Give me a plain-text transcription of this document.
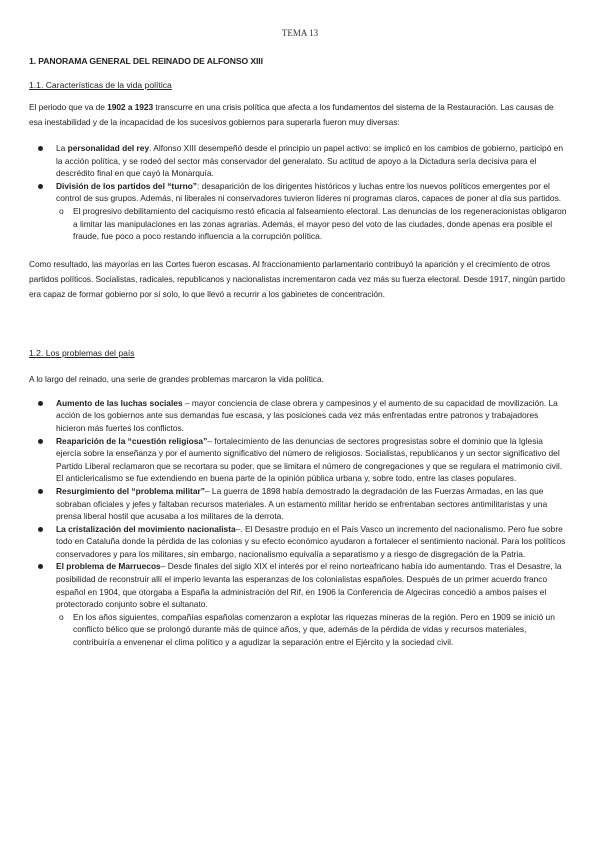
TEMA 13
1. PANORAMA GENERAL DEL REINADO DE ALFONSO XIII
1.1. Características de la vida política

El periodo que va de 1902 a 1923 transcurre en una crisis política que afecta a los fundamentos del sistema de la Restauración. Las causas de esa inestabilidad y de la incapacidad de los sucesivos gobiernos para superarla fueron muy diversas:

La personalidad del rey. Alfonso XIII desempeñó desde el principio un papel activo: se implicó en los cambios de gobierno, participó en la acción política, y se rodeó del sector más conservador del generalato. Su actitud de apoyo a la Dictadura sería decisiva para el descrédito final en que cayó la Monarquía.
División de los partidos del “turno”: desaparición de los dirigentes históricos y luchas entre los nuevos políticos emergentes por el control de sus grupos. Además, ni liberales ni conservadores tuvieron líderes ni programas claros, capaces de poner al día sus partidos.
o El progresivo debilitamiento del caciquismo restó eficacia al falseamiento electoral. Las denuncias de los regeneracionistas obligaron a limitar las manipulaciones en las zonas agrarias. Además, el mayor peso del voto de las ciudades, donde apenas era posible el fraude, fue poco a poco restando influencia a la corrupción política.

Como resultado, las mayorías en las Cortes fueron escasas. Al fraccionamiento parlamentario contribuyó la aparición y el crecimiento de otros partidos políticos. Socialistas, radicales, republicanos y nacionalistas incrementaron cada vez más su fuerza electoral. Desde 1917, ningún partido era capaz de formar gobierno por sí solo, lo que llevó a recurrir a los gabinetes de concentración.

1.2. Los problemas del país

A lo largo del reinado, una serie de grandes problemas marcaron la vida política.

Aumento de las luchas sociales – mayor conciencia de clase obrera y campesinos y el aumento de su capacidad de movilización. La acción de los gobiernos ante sus demandas fue escasa, y las posiciones cada vez más enfrentadas entre patronos y trabajadores hicieron más fuertes los conflictos.
Reaparición de la “cuestión religiosa”– fortalecimiento de las denuncias de sectores progresistas sobre el dominio que la Iglesia ejercía sobre la enseñanza y por el aumento significativo del número de religiosos. Socialistas, republicanos y un sector significativo del Partido Liberal reclamaron que se recortara su poder, que se limitara el número de congregaciones y que se regulara el matrimonio civil. El anticlericalismo se fue extendiendo en buena parte de la opinión pública urbana y, sobre todo, entre las clases populares.
Resurgimiento del “problema militar”– La guerra de 1898 había demostrado la degradación de las Fuerzas Armadas, en las que sobraban oficiales y jefes y faltaban recursos materiales. A un estamento militar herido se enfrentaban sectores antimilitaristas y una prensa liberal hostil que acusaba a los militares de la derrota.
La cristalización del movimiento nacionalista–. El Desastre produjo en el País Vasco un incremento del nacionalismo. Pero fue sobre todo en Cataluña donde la pérdida de las colonias y su efecto económico ayudaron a fortalecer el sentimiento nacional. Para los políticos conservadores y para los militares, sin embargo, nacionalismo equivalía a separatismo y a riesgo de disgregación de la Patria.
El problema de Marruecos– Desde finales del siglo XIX el interés por el reino norteafricano había ido aumentando. Tras el Desastre, la posibilidad de reconstruir allí el imperio levanta las esperanzas de los colonialistas españoles. Después de un primer acuerdo franco español en 1904, que otorgaba a España la administración del Rif, en 1906 la Conferencia de Algeciras concedió a ambos países el protectorado conjunto sobre el sultanato.
o En los años siguientes, compañías españolas comenzaron a explotar las riquezas mineras de la región. Pero en 1909 se inició un conflicto bélico que se prolongó durante más de quince años, y que, además de la pérdida de vidas y recursos materiales, contribuiría a envenenar el clima político y a agudizar la separación entre el Ejército y la sociedad civil.
